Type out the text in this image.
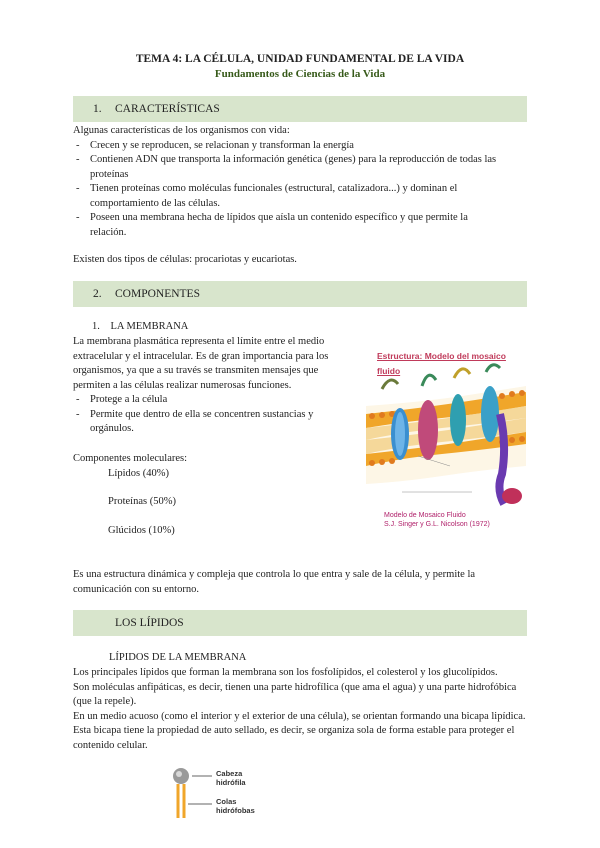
TEMA 4: LA CÉLULA, UNIDAD FUNDAMENTAL DE LA VIDA
Fundamentos de Ciencias de la Vida
1. CARACTERÍSTICAS

Algunas características de los organismos con vida:

- Crecen y se reproducen, se relacionan y transforman la energía
- Contienen ADN que transporta la información genética (genes) para la reproducción de todas las proteínas
- Tienen proteínas como moléculas funcionales (estructural, catalizadora...) y dominan el comportamiento de las células.
- Poseen una membrana hecha de lípidos que aísla un contenido específico y que permite la relación.
Existen dos tipos de células: procariotas y eucariotas.
2. COMPONENTES
1. LA MEMBRANA

La membrana plasmática representa el límite entre el medio extracelular y el intracelular. Es de gran importancia para los organismos, ya que a su través se transmiten mensajes que permiten a las células realizar numerosas funciones.

- Protege a la célula
- Permite que dentro de ella se concentren sustancias y orgánulos.

Componentes moleculares:

Lípidos (40%)

Proteínas (50%)

Glúcidos (10%)

Estructura: Modelo del mosaico fluido
Modelo de Mosaico Fluido
S.J. Singer y G.L. Nicolson (1972)
Es una estructura dinámica y compleja que controla lo que entra y sale de la célula, y permite la comunicación con su entorno.
LOS LÍPIDOS
LÍPIDOS DE LA MEMBRANA

Los principales lípidos que forman la membrana son los fosfolípidos, el colesterol y los glucolípidos.

Son moléculas anfipáticas, es decir, tienen una parte hidrofílica (que ama el agua) y una parte hidrofóbica (que la repele).

En un medio acuoso (como el interior y el exterior de una célula), se orientan formando una bicapa lipídica.

Esta bicapa tiene la propiedad de auto sellado, es decir, se organiza sola de forma estable para proteger el contenido celular.

Cabeza
hidrófila
Colas
hidrófobas
